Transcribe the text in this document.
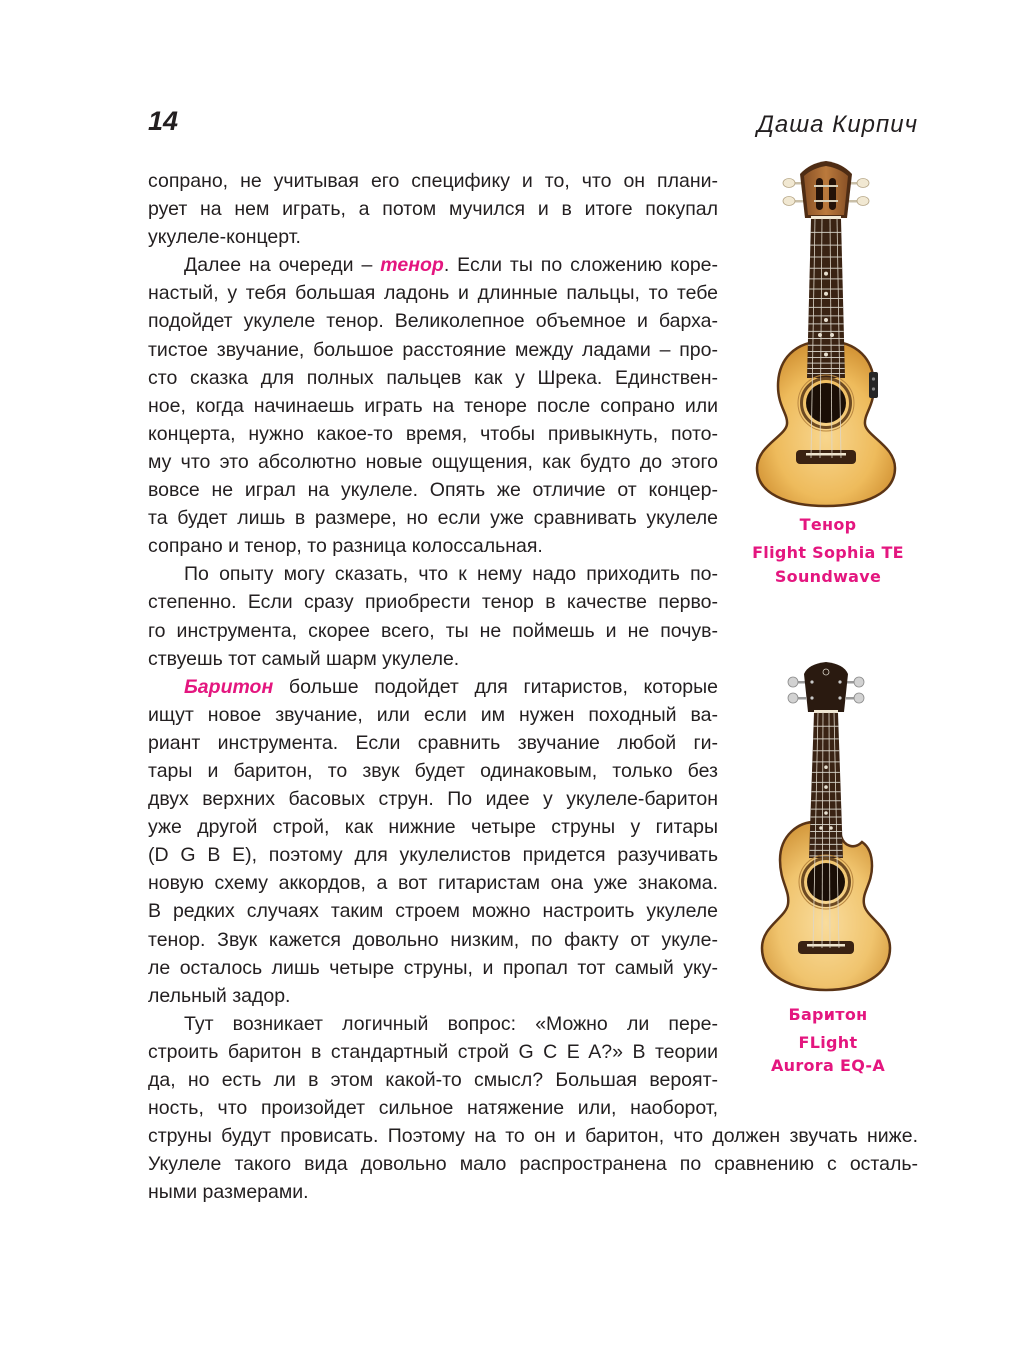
14	Даша Кирпич
сопрано, не учитывая его специфику и то, что он плани-
рует на нем играть, а потом мучился и в итоге покупал
укулеле-концерт.
Далее на очереди – тенор. Если ты по сложению коре-
настый, у тебя большая ладонь и длинные пальцы, то тебе
подойдет укулеле тенор. Великолепное объемное и барха-
тистое звучание, большое расстояние между ладами – про-
сто сказка для полных пальцев как у Шрека. Единствен-
ное, когда начинаешь играть на теноре после сопрано или
концерта, нужно какое-то время, чтобы привыкнуть, пото-
му что это абсолютно новые ощущения, как будто до этого
вовсе не играл на укулеле. Опять же отличие от концер-
та будет лишь в размере, но если уже сравнивать укулеле
сопрано и тенор, то разница колоссальная.
По опыту могу сказать, что к нему надо приходить по-
степенно. Если сразу приобрести тенор в качестве перво-
го инструмента, скорее всего, ты не поймешь и не почув-
ствуешь тот самый шарм укулеле.
Баритон больше подойдет для гитаристов, которые
ищут новое звучание, или если им нужен походный ва-
риант инструмента. Если сравнить звучание любой ги-
тары и баритон, то звук будет одинаковым, только без
двух верхних басовых струн. По идее у укулеле-баритон
уже другой строй, как нижние четыре струны у гитары
(D G B E), поэтому для укулелистов придется разучивать
новую схему аккордов, а вот гитаристам она уже знакома.
В редких случаях таким строем можно настроить укулеле
тенор. Звук кажется довольно низким, по факту от укуле-
ле осталось лишь четыре струны, и пропал тот самый уку-
лельный задор.
Тут возникает логичный вопрос: «Можно ли пере-
строить баритон в стандартный строй G C E A?» В теории
да, но есть ли в этом какой-то смысл? Большая вероят-
ность, что произойдет сильное натяжение или, наоборот,
струны будут провисать. Поэтому на то он и баритон, что должен звучать ниже.
Укулеле такого вида довольно мало распространена по сравнению с осталь-
ными размерами.
Тенор
Flight Sophia TE
Soundwave
Баритон
FLight
Aurora EQ-A
